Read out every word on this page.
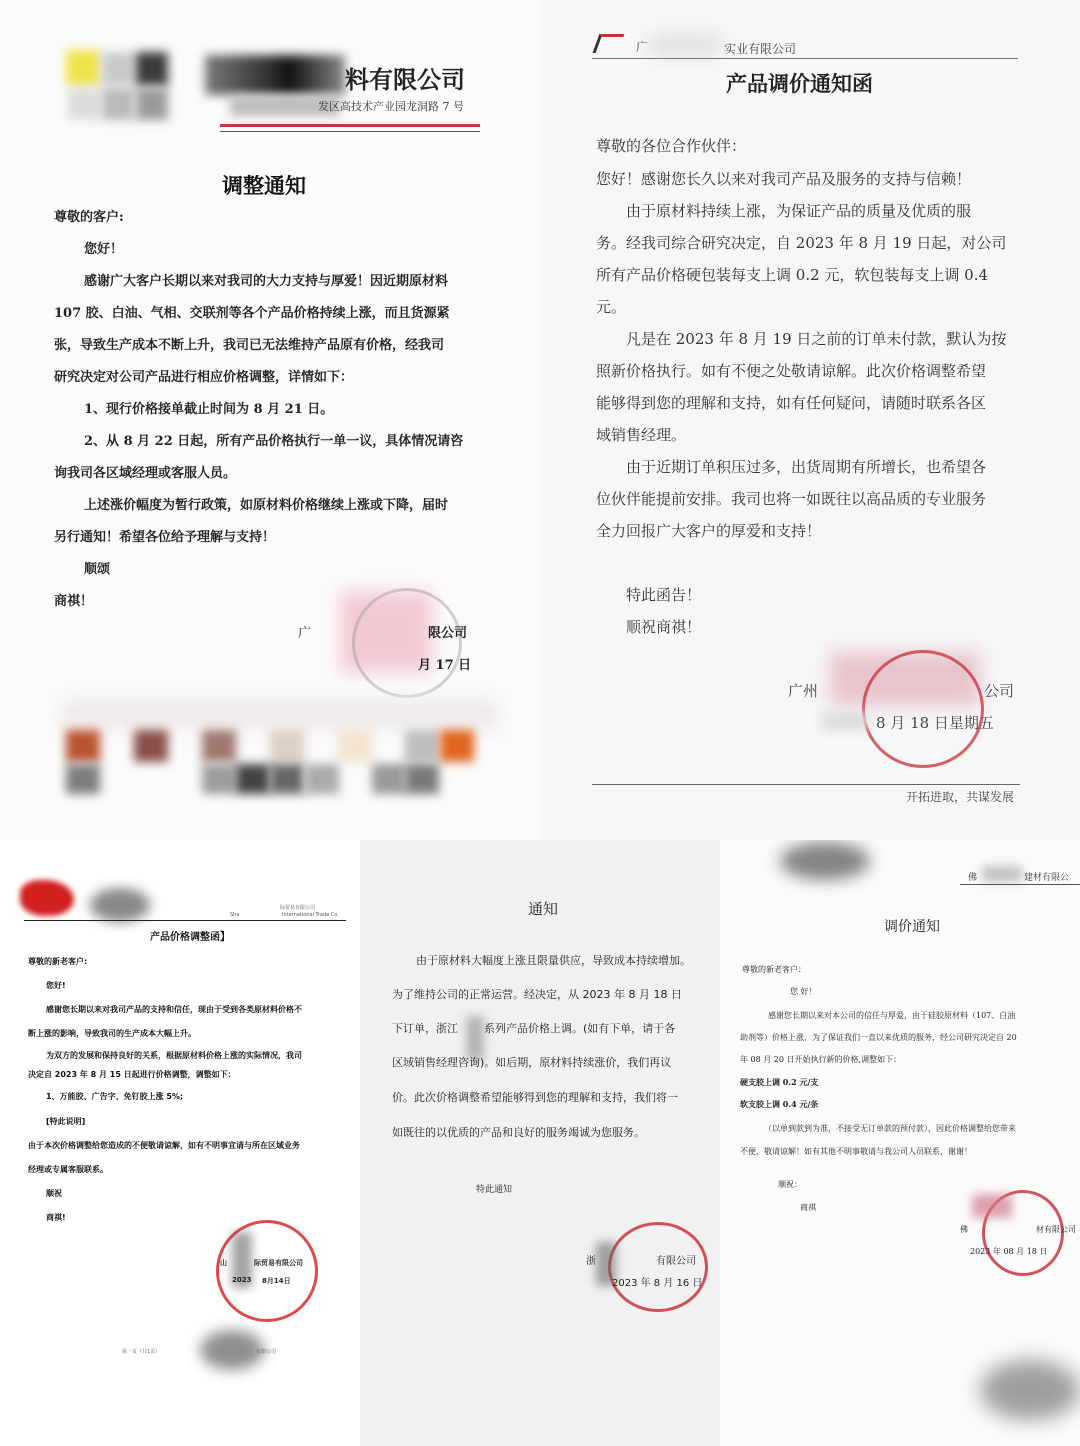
料有限公司
发区高技术产业园龙洞路 7 号
调整通知
尊敬的客户:
您好！
感谢广大客户长期以来对我司的大力支持与厚爱！因近期原材料
107 胶、白油、气相、交联剂等各个产品价格持续上涨，而且货源紧
张，导致生产成本不断上升，我司已无法维持产品原有价格，经我司
研究决定对公司产品进行相应价格调整，详情如下：
1、现行价格接单截止时间为 8 月 21 日。
2、从 8 月 22 日起，所有产品价格执行一单一议，具体情况请咨
询我司各区域经理或客服人员。
上述涨价幅度为暂行政策，如原材料价格继续上涨或下降，届时
另行通知！希望各位给予理解与支持！
顺颂
商祺！
广	限公司
月 17 日
广	实业有限公司
产品调价通知函
尊敬的各位合作伙伴：
您好！感谢您长久以来对我司产品及服务的支持与信赖！
由于原材料持续上涨，为保证产品的质量及优质的服
务。经我司综合研究决定，自 2023 年 8 月 19 日起，对公司
所有产品价格硬包装每支上调 0.2 元，软包装每支上调 0.4
元。
凡是在 2023 年 8 月 19 日之前的订单未付款，默认为按
照新价格执行。如有不便之处敬请谅解。此次价格调整希望
能够得到您的理解和支持，如有任何疑问，请随时联系各区
域销售经理。
由于近期订单积压过多，出货周期有所增长，也希望各
位伙伴能提前安排。我司也将一如既往以高品质的专业服务
全力回报广大客户的厚爱和支持！
特此函告！
顺祝商祺！
广州	公司
8 月 18 日星期五
开拓进取，共谋发展
际贸易有限公司
Sha	International Trade Co.
产品价格调整函】
尊敬的新老客户:
您好!
感谢您长期以来对我司产品的支持和信任，现由于受到各类原材料价格不
断上涨的影响，导致我司的生产成本大幅上升。
为双方的发展和保持良好的关系，根据原材料价格上涨的实际情况，我司
决定自 2023 年 8 月 15 日起进行价格调整，调整如下：
1、万能胶、广告字、免钉胶上涨 5%;
[特此说明]
由于本次价格调整给您造成的不便敬请谅解，如有不明事宜请与所在区域业务
经理或专属客服联系。
顺祝
商祺!
山	际贸易有限公司
2023 8月14日
第一页（共1页）	有限公司
通知
由于原材料大幅度上涨且限量供应，导致成本持续增加。
为了维持公司的正常运营。经决定，从 2023 年 8 月 18 日
下订单，浙江 系列产品价格上调。(如有下单，请于各
区域销售经理咨询)。如后期，原材料持续涨价，我们再议
价。此次价格调整希望能够得到您的理解和支持，我们将一
如既往的以优质的产品和良好的服务竭诚为您服务。
特此通知
浙	有限公司
2023 年 8 月 16 日
佛	建材有限公
调价通知
尊敬的新老客户：
您 好！
感谢您长期以来对本公司的信任与厚爱，由于硅胶原材料（107、白油
助剂等）价格上涨，为了保证我们一直以来优质的服务，经公司研究决定自 20
年 08 月 20 日开始执行新的价格,调整如下：
硬支胶上调 0.2 元/支
软支胶上调 0.4 元/条
（以单到款到为准，不接受无订单款的预付款），因此价格调整给您带来
不便，敬请谅解！如有其他不明事敬请与我公司人员联系，谢谢！
顺祝：
商祺
佛	材有限公司
2023 年 08 月 18 日
